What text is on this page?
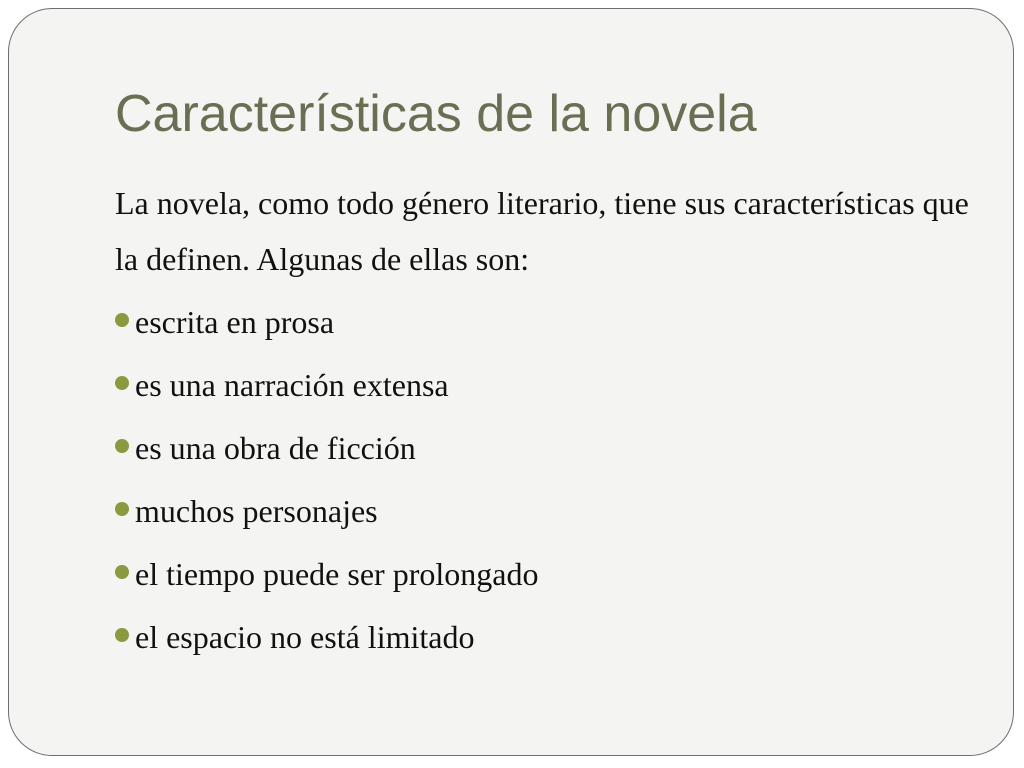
Características de la novela

La novela, como todo género literario, tiene sus características que la definen. Algunas de ellas son:

escrita en prosa
es una narración extensa
es una obra de ficción
muchos personajes
el tiempo puede ser prolongado
el espacio no está limitado
